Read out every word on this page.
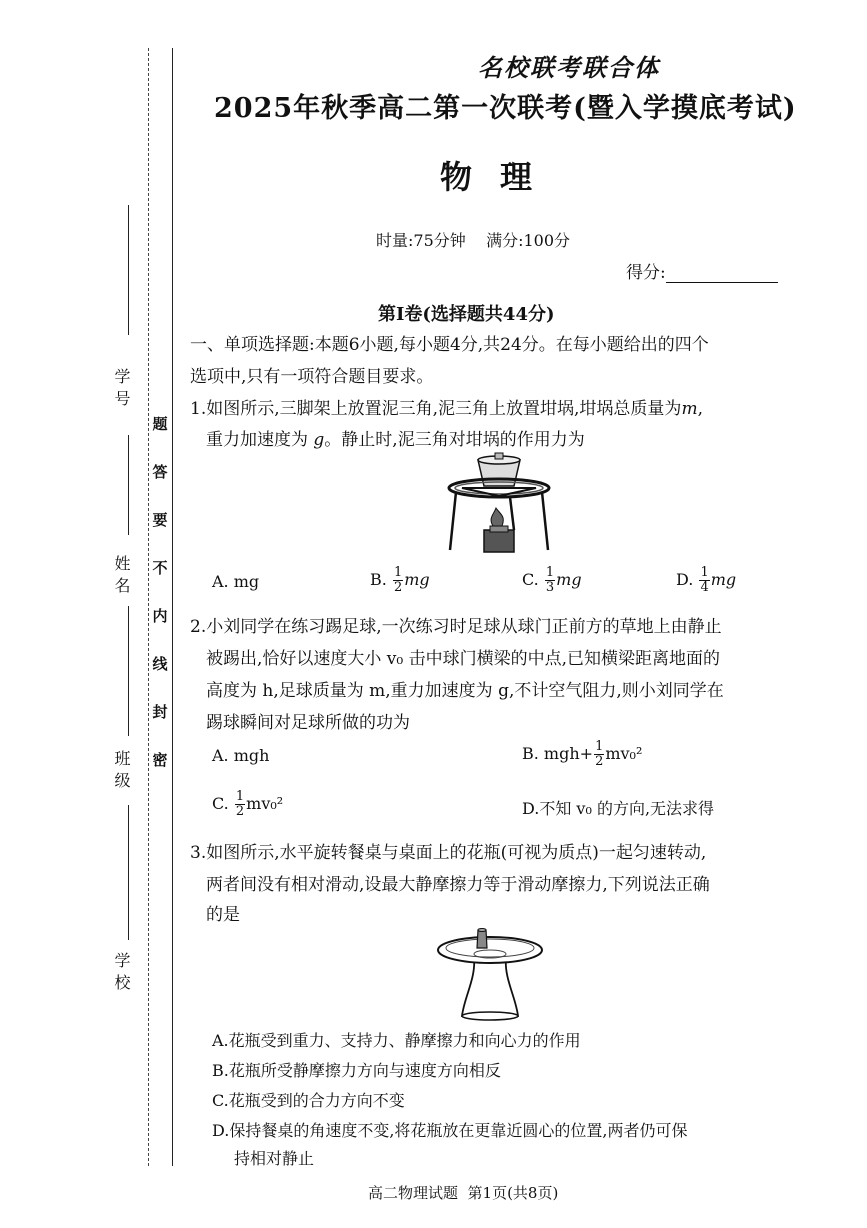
学号
姓名
班级
学校
题
答
要
不
内
线
封
密
名校联考联合体
2025年秋季高二第一次联考(暨入学摸底考试)
物理
时量:75分钟    满分:100分
得分:
第Ⅰ卷(选择题共44分)
一、单项选择题:本题6小题,每小题4分,共24分。在每小题给出的四个
选项中,只有一项符合题目要求。
1.如图所示,三脚架上放置泥三角,泥三角上放置坩埚,坩埚总质量为m,
重力加速度为 g。静止时,泥三角对坩埚的作用力为
A. mg	B. $\frac{1}{2}$ mg	C. $\frac{1}{3}$ mg	D. $\frac{1}{4}$ mg
2.小刘同学在练习踢足球,一次练习时足球从球门正前方的草地上由静止
被踢出,恰好以速度大小 v₀ 击中球门横梁的中点,已知横梁距离地面的
高度为 h,足球质量为 m,重力加速度为 g,不计空气阻力,则小刘同学在
踢球瞬间对足球所做的功为
A. mgh	B. $mgh+ \frac{1}{2} mv_0^2$
C. $\frac{1}{2} mv_0^2$	D.不知 v₀ 的方向,无法求得
3.如图所示,水平旋转餐桌与桌面上的花瓶(可视为质点)一起匀速转动,
两者间没有相对滑动,设最大静摩擦力等于滑动摩擦力,下列说法正确
的是
A.花瓶受到重力、支持力、静摩擦力和向心力的作用
B.花瓶所受静摩擦力方向与速度方向相反
C.花瓶受到的合力方向不变
D.保持餐桌的角速度不变,将花瓶放在更靠近圆心的位置,两者仍可保
持相对静止
高二物理试题  第1页(共8页)
